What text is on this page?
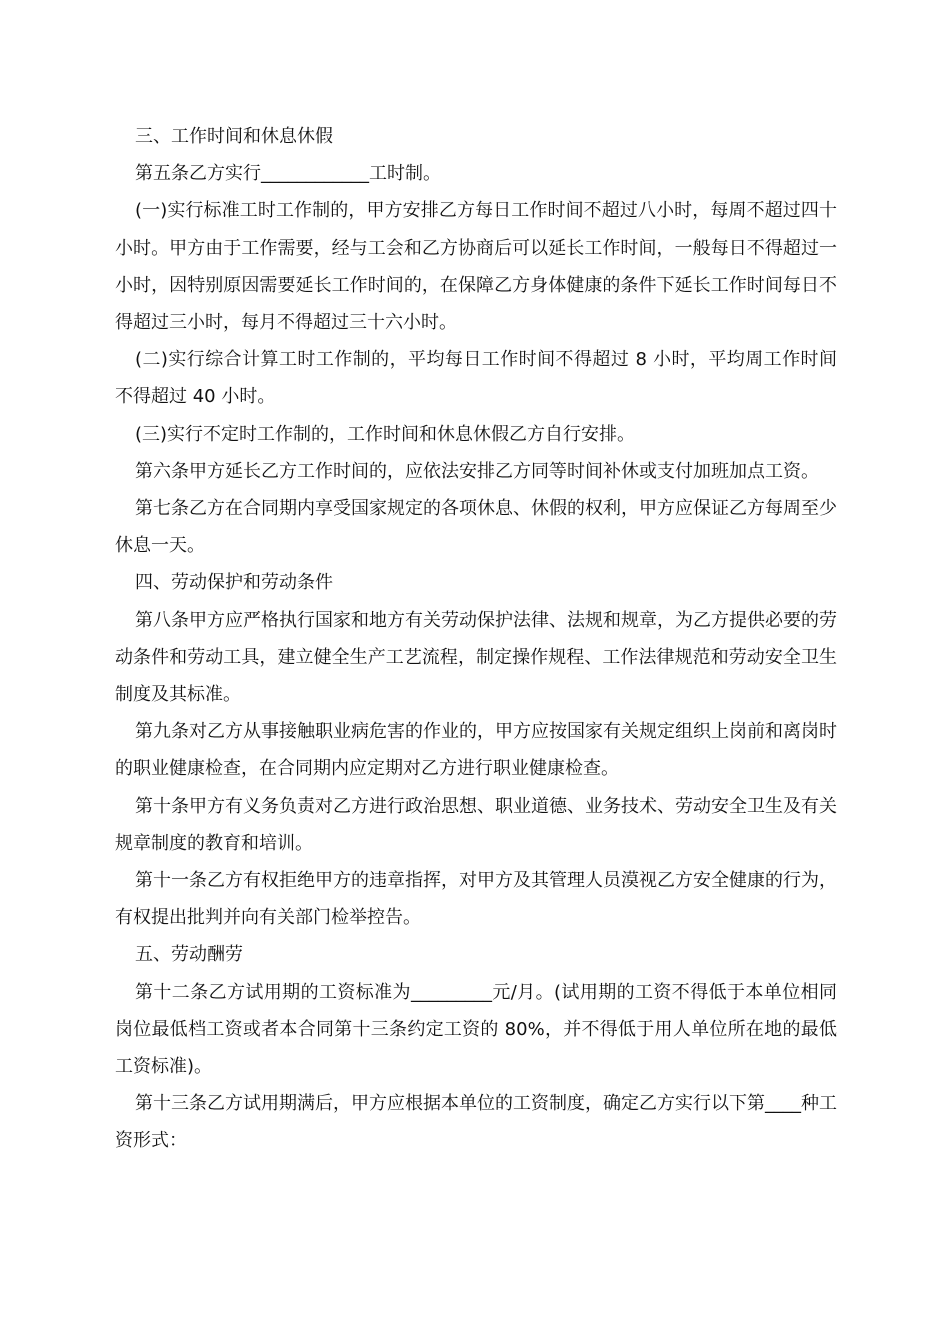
三、工作时间和休息休假

第五条乙方实行____________工时制。

(一)实行标准工时工作制的，甲方安排乙方每日工作时间不超过八小时，每周不超过四十小时。甲方由于工作需要，经与工会和乙方协商后可以延长工作时间，一般每日不得超过一小时，因特别原因需要延长工作时间的，在保障乙方身体健康的条件下延长工作时间每日不得超过三小时，每月不得超过三十六小时。

(二)实行综合计算工时工作制的，平均每日工作时间不得超过 8 小时，平均周工作时间不得超过 40 小时。

(三)实行不定时工作制的，工作时间和休息休假乙方自行安排。

第六条甲方延长乙方工作时间的，应依法安排乙方同等时间补休或支付加班加点工资。

第七条乙方在合同期内享受国家规定的各项休息、休假的权利，甲方应保证乙方每周至少休息一天。

四、劳动保护和劳动条件

第八条甲方应严格执行国家和地方有关劳动保护法律、法规和规章，为乙方提供必要的劳动条件和劳动工具，建立健全生产工艺流程，制定操作规程、工作法律规范和劳动安全卫生制度及其标准。

第九条对乙方从事接触职业病危害的作业的，甲方应按国家有关规定组织上岗前和离岗时的职业健康检查，在合同期内应定期对乙方进行职业健康检查。

第十条甲方有义务负责对乙方进行政治思想、职业道德、业务技术、劳动安全卫生及有关规章制度的教育和培训。

第十一条乙方有权拒绝甲方的违章指挥，对甲方及其管理人员漠视乙方安全健康的行为，有权提出批判并向有关部门检举控告。

五、劳动酬劳

第十二条乙方试用期的工资标准为_________元/月。(试用期的工资不得低于本单位相同岗位最低档工资或者本合同第十三条约定工资的 80%，并不得低于用人单位所在地的最低工资标准)。

第十三条乙方试用期满后，甲方应根据本单位的工资制度，确定乙方实行以下第____种工资形式：
